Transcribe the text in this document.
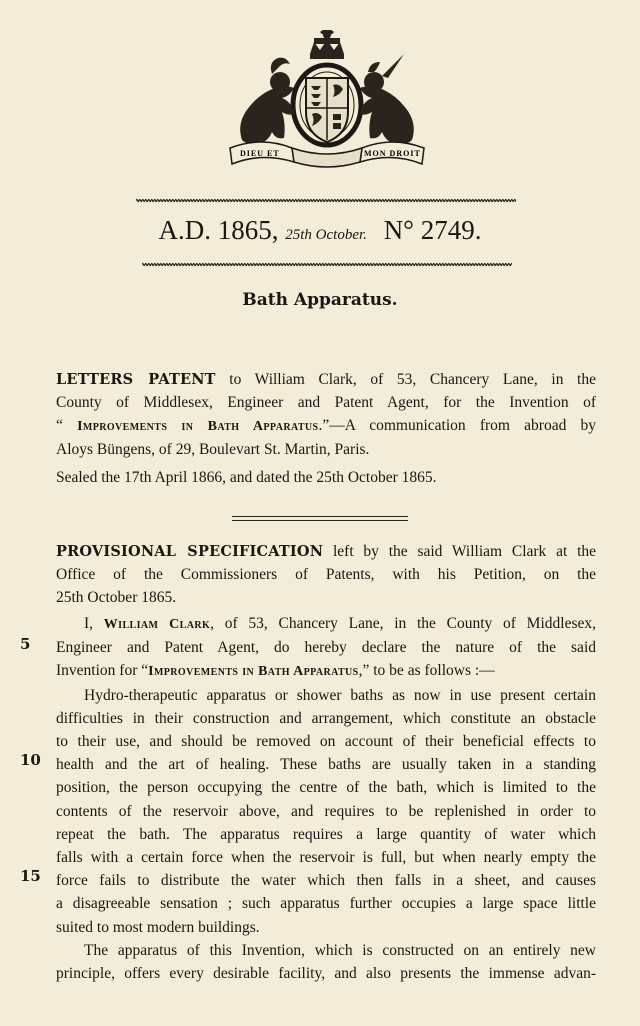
DIEU ET	MON DROIT
A.D. 1865, 25th October. N° 2749.
Bath Apparatus.

LETTERS PATENT to William Clark, of 53, Chancery Lane, in the

County of Middlesex, Engineer and Patent Agent, for the Invention of

“ Improvements in Bath Apparatus.”—A communication from abroad by

Aloys Büngens, of 29, Boulevart St. Martin, Paris.

Sealed the 17th April 1866, and dated the 25th October 1865.

PROVISIONAL SPECIFICATION left by the said William Clark at the

Office of the Commissioners of Patents, with his Petition, on the

25th October 1865.

I, William Clark, of 53, Chancery Lane, in the County of Middlesex,

Engineer and Patent Agent, do hereby declare the nature of the said

Invention for “Improvements in Bath Apparatus,” to be as follows :—

Hydro-therapeutic apparatus or shower baths as now in use present certain

difficulties in their construction and arrangement, which constitute an obstacle

to their use, and should be removed on account of their beneficial effects to

health and the art of healing. These baths are usually taken in a standing

position, the person occupying the centre of the bath, which is limited to the

contents of the reservoir above, and requires to be replenished in order to

repeat the bath. The apparatus requires a large quantity of water which

falls with a certain force when the reservoir is full, but when nearly empty the

force fails to distribute the water which then falls in a sheet, and causes

a disagreeable sensation ; such apparatus further occupies a large space little

suited to most modern buildings.

The apparatus of this Invention, which is constructed on an entirely new

principle, offers every desirable facility, and also presents the immense advan-

5
10
15
